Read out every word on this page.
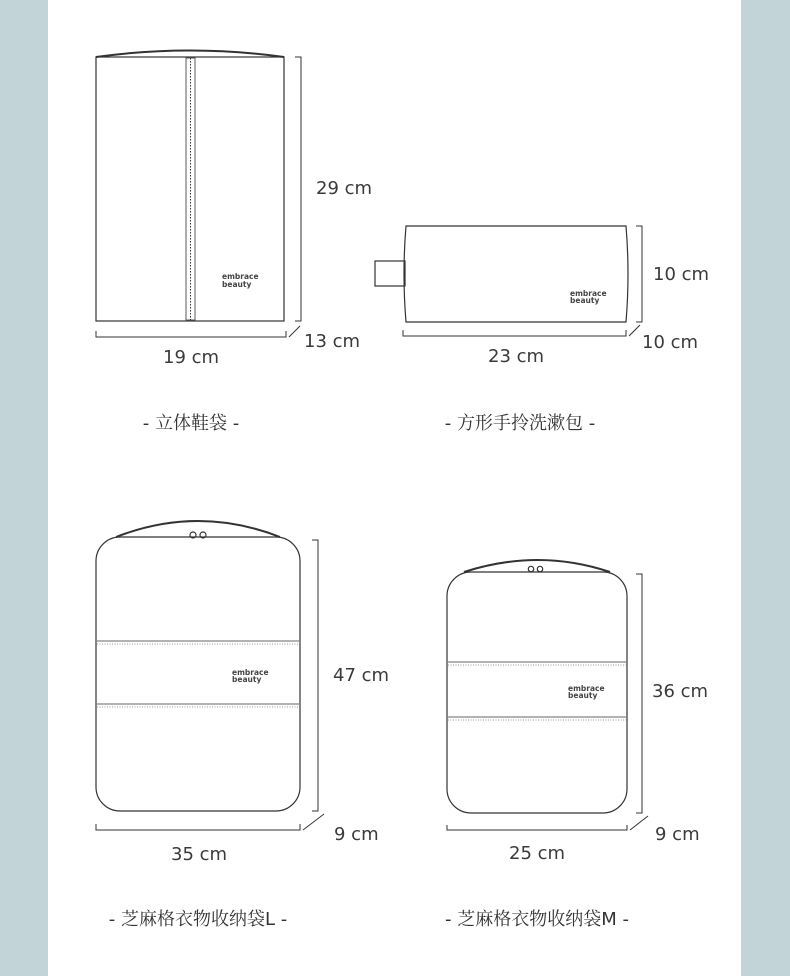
embrace
beauty
embrace
beauty
embrace
beauty
embrace
beauty
29 cm
13 cm
19 cm
- 立体鞋袋 -
10 cm
10 cm
23 cm
- 方形手拎洗漱包 -
47 cm
9 cm
35 cm
- 芝麻格衣物收纳袋L -
36 cm
9 cm
25 cm
- 芝麻格衣物收纳袋M -
